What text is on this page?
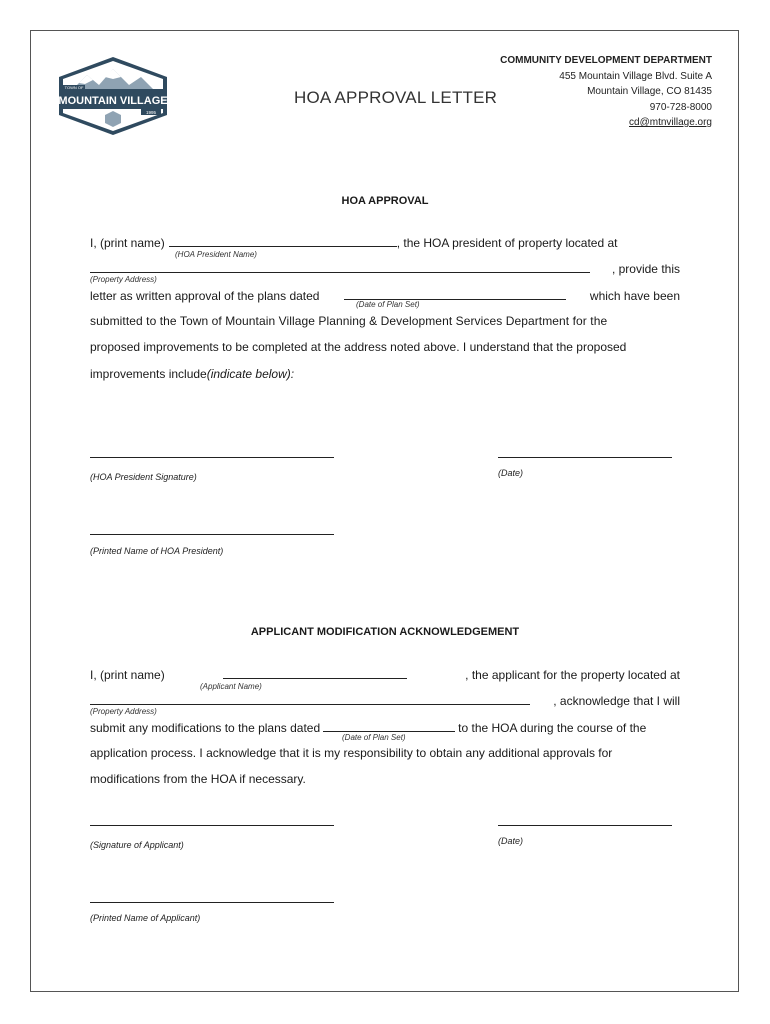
TOWN OF
MOUNTAIN VILLAGE
1995
HOA APPROVAL LETTER
COMMUNITY DEVELOPMENT DEPARTMENT
455 Mountain Village Blvd. Suite A
Mountain Village, CO 81435
970-728-8000
cd@mtnvillage.org
HOA APPROVAL
I, (print name)	, the HOA president of property located at
(HOA President Name)
, provide this
(Property Address)
letter as written approval of the plans dated	which have been
(Date of Plan Set)
submitted to the Town of Mountain Village Planning & Development Services Department for the
proposed improvements to be completed at the address noted above. I understand that the proposed
improvements include (indicate below):
(HOA President Signature)	(Date)
(Printed Name of HOA President)
APPLICANT MODIFICATION ACKNOWLEDGEMENT
I, (print name)	, the applicant for the property located at
(Applicant Name)
, acknowledge that I will
(Property Address)
submit any modifications to the plans dated	to the HOA during the course of the
(Date of Plan Set)
application process. I acknowledge that it is my responsibility to obtain any additional approvals for
modifications from the HOA if necessary.
(Signature of Applicant)	(Date)
(Printed Name of Applicant)
